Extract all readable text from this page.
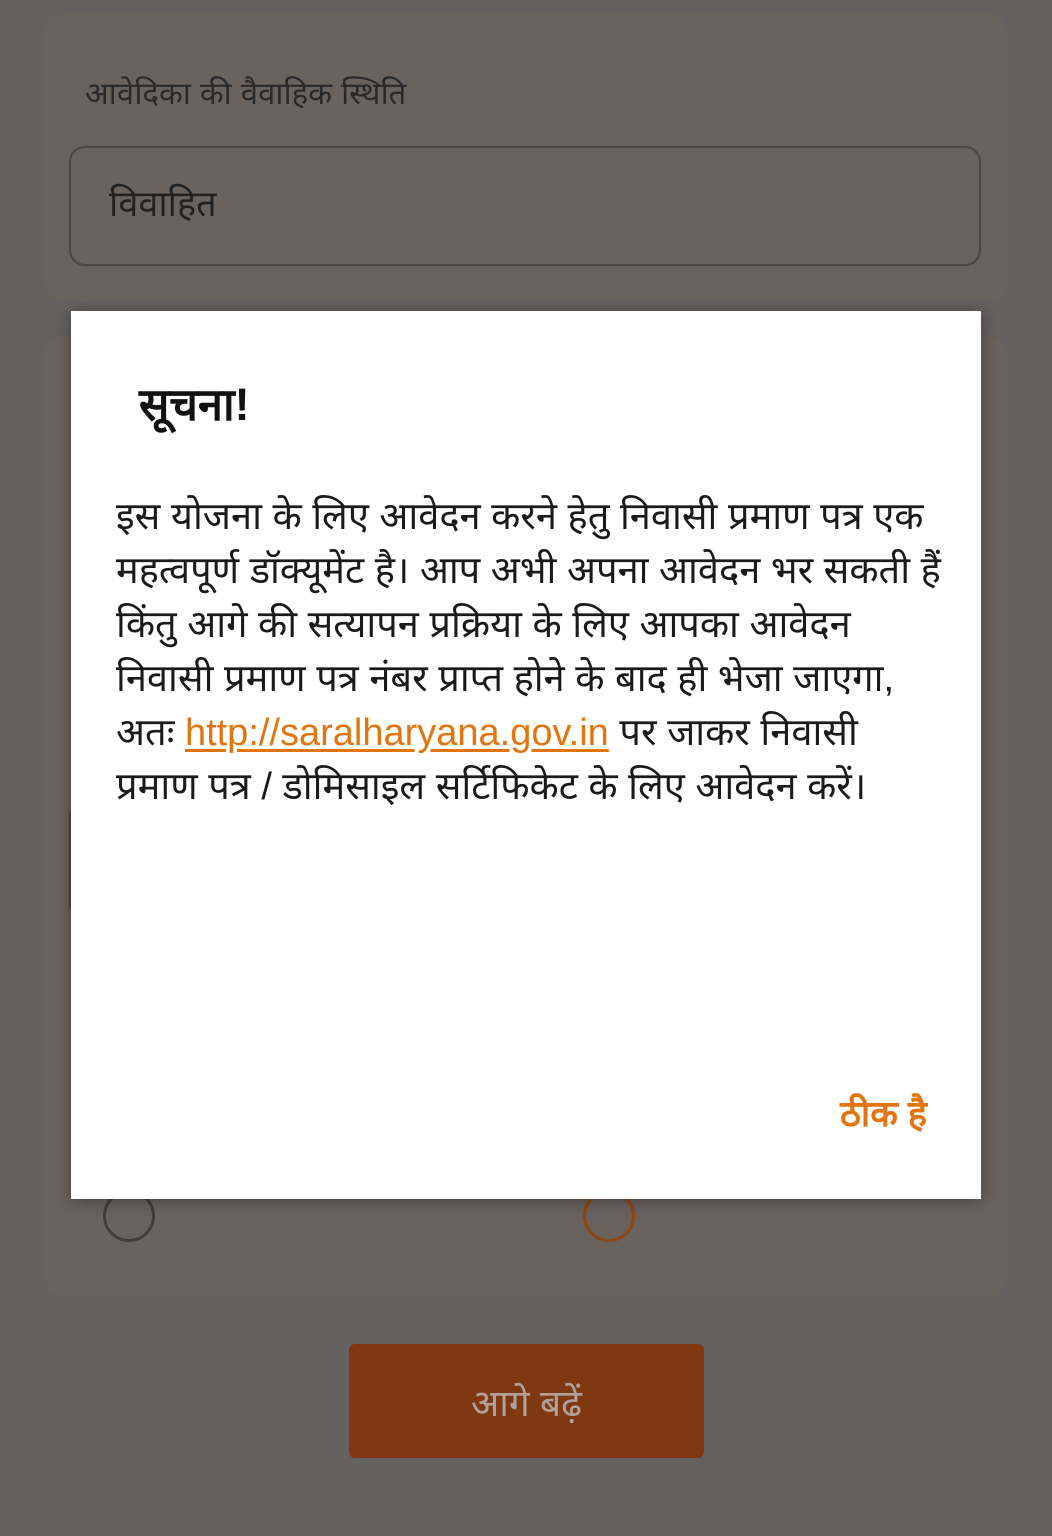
आवेदिका की वैवाहिक स्थिति
विवाहित
आगे बढ़ें
सूचना!
इस योजना के लिए आवेदन करने हेतु निवासी प्रमाण पत्र एक महत्वपूर्ण डॉक्यूमेंट है। आप अभी अपना आवेदन भर सकती हैं किंतु आगे की सत्यापन प्रक्रिया के लिए आपका आवेदन निवासी प्रमाण पत्र नंबर प्राप्त होने के बाद ही भेजा जाएगा, अतः http://saralharyana.gov.in पर जाकर निवासी प्रमाण पत्र / डोमिसाइल सर्टिफिकेट के लिए आवेदन करें।
ठीक है
